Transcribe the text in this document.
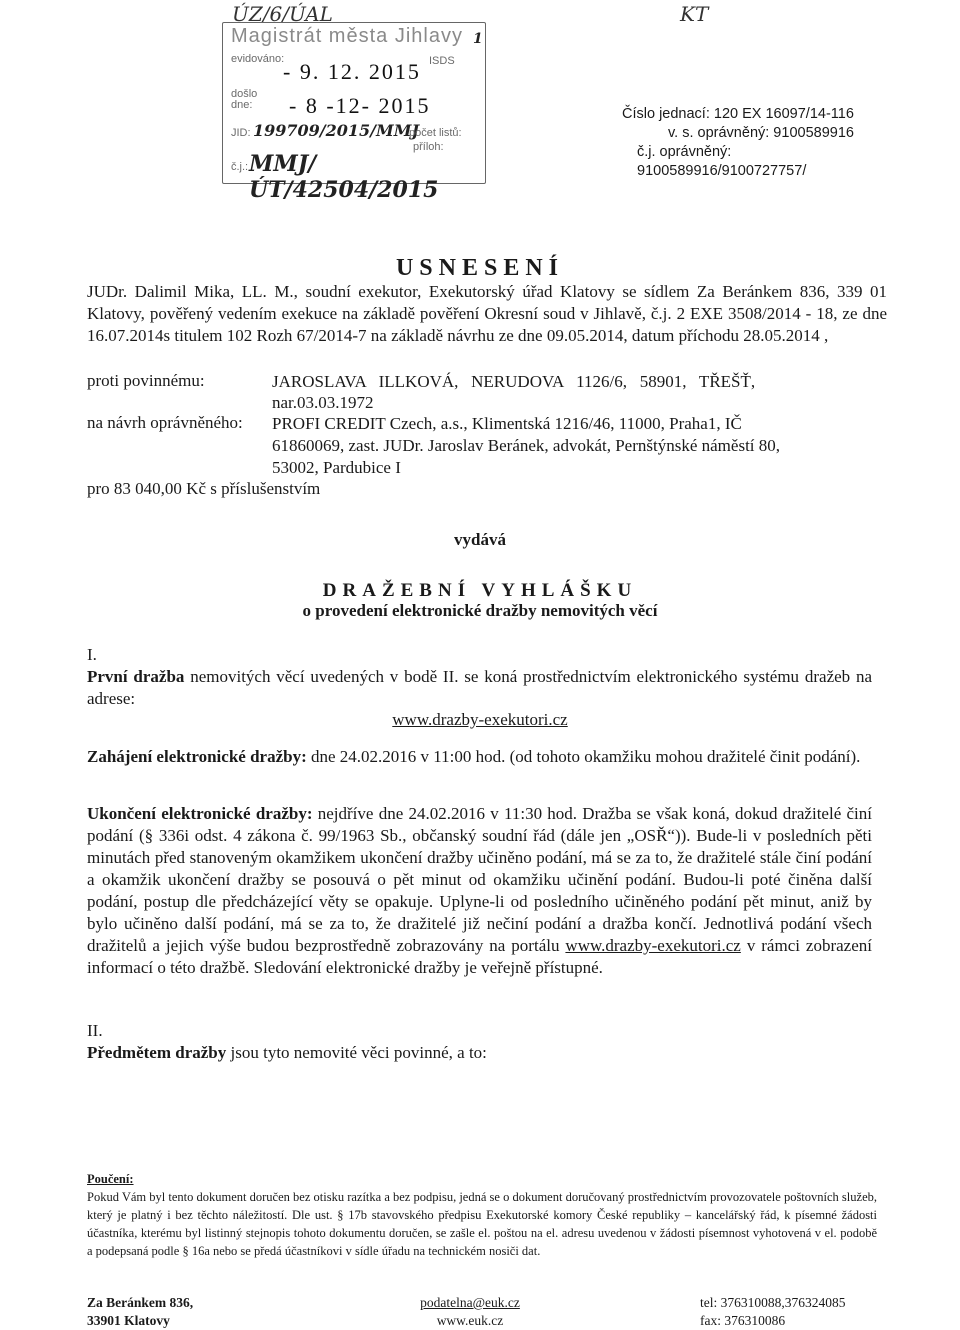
ÚZ/6/ÚAL	KT
Magistrát města Jihlavy
evidováno:
- 9. 12. 2015 ISDS
1
došlo dne:	- 8 -12- 2015
JID: 199709/2015/MMJ
počet listů:
příloh:
č.j.: MMJ/ÚT/42504/2015
Číslo jednací: 120 EX 16097/14-116
v. s. oprávněný: 9100589916
č.j. oprávněný: 9100589916/9100727757/
USNESENÍ
JUDr. Dalimil Mika, LL. M., soudní exekutor, Exekutorský úřad Klatovy se sídlem Za Beránkem 836, 339 01 Klatovy, pověřený vedením exekuce na základě pověření Okresní soud v Jihlavě, č.j. 2 EXE 3508/2014 - 18, ze dne 16.07.2014s titulem 102 Rozh 67/2014-7 na základě návrhu ze dne 09.05.2014, datum příchodu 28.05.2014 ,
proti povinnému:	JAROSLAVA   ILLKOVÁ,   NERUDOVA   1126/6,   58901,   TŘEŠŤ,
nar.03.03.1972
na návrh oprávněného: PROFI CREDIT Czech, a.s., Klimentská 1216/46, 11000, Praha1, IČ
61860069, zast. JUDr. Jaroslav Beránek, advokát, Pernštýnské náměstí 80,
53002, Pardubice I
pro 83 040,00 Kč s příslušenstvím
vydává
DRAŽEBNÍ VYHLÁŠKU
o provedení elektronické dražby nemovitých věcí
I.
První dražba nemovitých věcí uvedených v bodě II. se koná prostřednictvím elektronického systému dražeb na adrese:
www.drazby-exekutori.cz
Zahájení elektronické dražby: dne 24.02.2016 v 11:00 hod. (od tohoto okamžiku mohou dražitelé činit podání).
Ukončení elektronické dražby: nejdříve dne 24.02.2016 v 11:30 hod. Dražba se však koná, dokud dražitelé činí podání (§ 336i odst. 4 zákona č. 99/1963 Sb., občanský soudní řád (dále jen „OSŘ“)). Bude-li v posledních pěti minutách před stanoveným okamžikem ukončení dražby učiněno podání, má se za to, že dražitelé stále činí podání a okamžik ukončení dražby se posouvá o pět minut od okamžiku učinění podání. Budou-li poté činěna další podání, postup dle předcházející věty se opakuje. Uplyne-li od posledního učiněného podání pět minut, aniž by bylo učiněno další podání, má se za to, že dražitelé již nečiní podání a dražba končí. Jednotlivá podání všech dražitelů a jejich výše budou bezprostředně zobrazovány na portálu www.drazby-exekutori.cz v rámci zobrazení informací o této dražbě. Sledování elektronické dražby je veřejně přístupné.
II.
Předmětem dražby jsou tyto nemovité věci povinné, a to:
Poučení:
Pokud Vám byl tento dokument doručen bez otisku razítka a bez podpisu, jedná se o dokument doručovaný prostřednictvím provozovatele poštovních služeb, který je platný i bez těchto náležitostí. Dle ust. § 17b stavovského předpisu Exekutorské komory České republiky – kancelářský řád, k písemné žádosti účastníka, kterému byl listinný stejnopis tohoto dokumentu doručen, se zašle el. poštou na el. adresu uvedenou v žádosti písemnost vyhotovená v el. podobě a podepsaná podle § 16a nebo se předá účastníkovi v sídle úřadu na technickém nosiči dat.
Za Beránkem 836,
33901 Klatovy
podatelna@euk.cz
www.euk.cz
tel: 376310088,376324085
fax: 376310086
